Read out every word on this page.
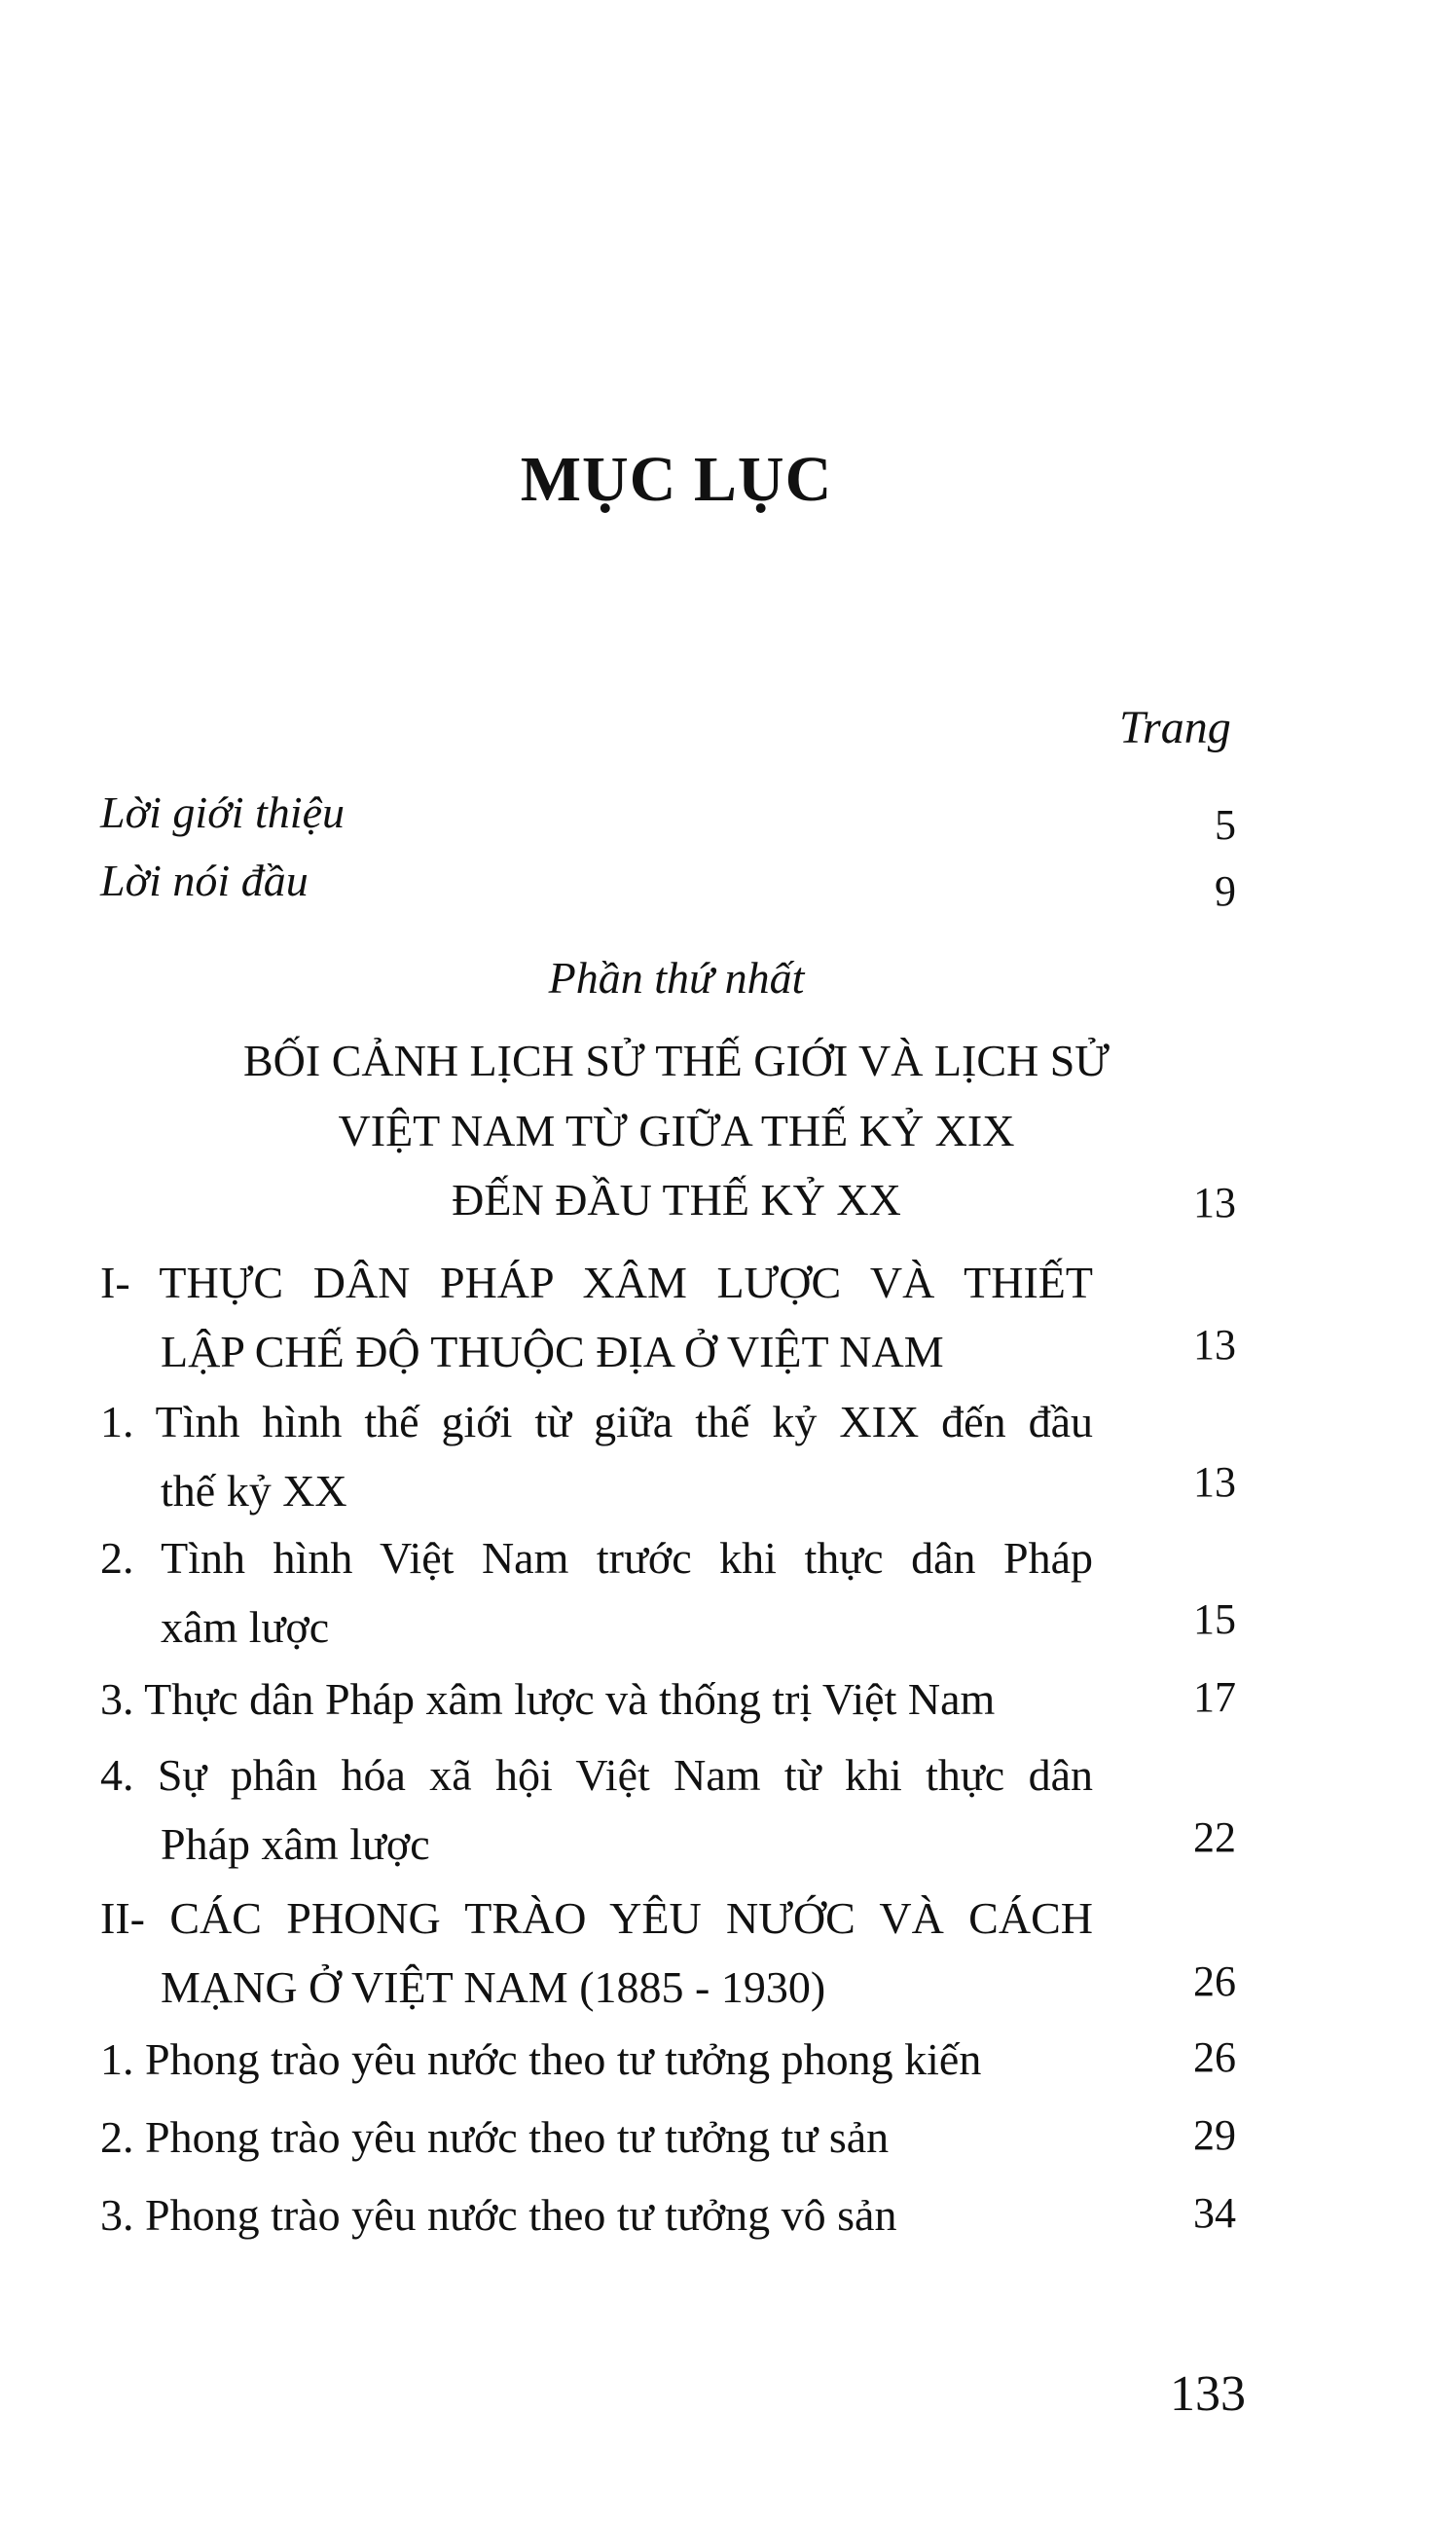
MỤC LỤC
Trang
Lời giới thiệu	5
Lời nói đầu	9
Phần thứ nhất
BỐI CẢNH LỊCH SỬ THẾ GIỚI VÀ LỊCH SỬ
VIỆT NAM TỪ GIỮA THẾ KỶ XIX
ĐẾN ĐẦU THẾ KỶ XX	13
I- THỰC DÂN PHÁP XÂM LƯỢC VÀ THIẾT
LẬP CHẾ ĐỘ THUỘC ĐỊA Ở VIỆT NAM	13
1. Tình hình thế giới từ giữa thế kỷ XIX đến đầu
thế kỷ XX	13
2. Tình hình Việt Nam trước khi thực dân Pháp
xâm lược	15
3. Thực dân Pháp xâm lược và thống trị Việt Nam	17
4. Sự phân hóa xã hội Việt Nam từ khi thực dân
Pháp xâm lược	22
II- CÁC PHONG TRÀO YÊU NƯỚC VÀ CÁCH
MẠNG Ở VIỆT NAM (1885 - 1930)	26
1. Phong trào yêu nước theo tư tưởng phong kiến	26
2. Phong trào yêu nước theo tư tưởng tư sản	29
3. Phong trào yêu nước theo tư tưởng vô sản	34
133
